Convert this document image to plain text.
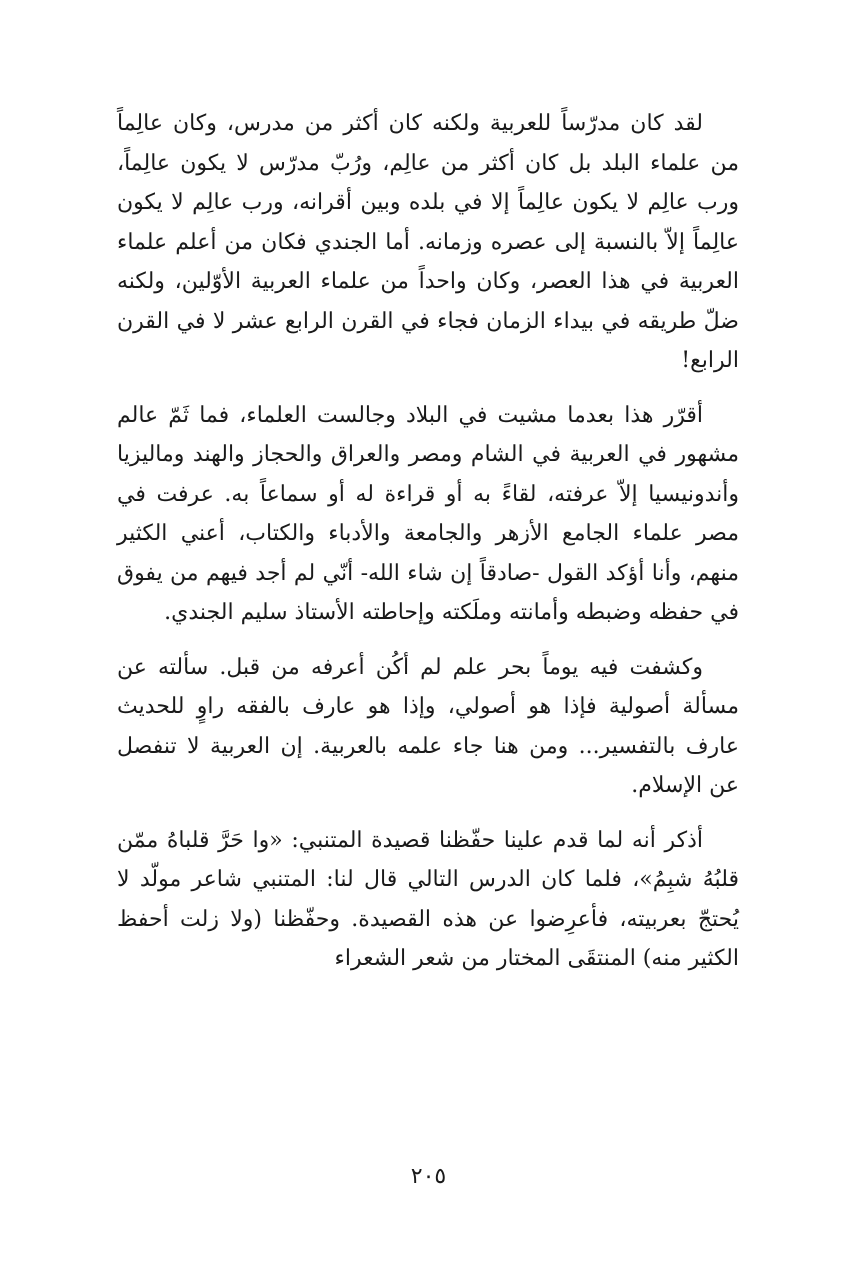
لقد كان مدرّساً للعربية ولكنه كان أكثر من مدرس، وكان عالِماً من علماء البلد بل كان أكثر من عالِم، ورُبّ مدرّس لا يكون عالِماً، ورب عالِم لا يكون عالِماً إلا في بلده وبين أقرانه، ورب عالِم لا يكون عالِماً إلاّ بالنسبة إلى عصره وزمانه. أما الجندي فكان من أعلم علماء العربية في هذا العصر، وكان واحداً من علماء العربية الأوّلين، ولكنه ضلّ طريقه في بيداء الزمان فجاء في القرن الرابع عشر لا في القرن الرابع!

أقرّر هذا بعدما مشيت في البلاد وجالست العلماء، فما ثَمّ عالم مشهور في العربية في الشام ومصر والعراق والحجاز والهند وماليزيا وأندونيسيا إلاّ عرفته، لقاءً به أو قراءة له أو سماعاً به. عرفت في مصر علماء الجامع الأزهر والجامعة والأدباء والكتاب، أعني الكثير منهم، وأنا أؤكد القول -صادقاً إن شاء الله- أنّي لم أجد فيهم من يفوق في حفظه وضبطه وأمانته وملَكته وإحاطته الأستاذ سليم الجندي.

وكشفت فيه يوماً بحر علم لم أكُن أعرفه من قبل. سألته عن مسألة أصولية فإذا هو أصولي، وإذا هو عارف بالفقه راوٍ للحديث عارف بالتفسير... ومن هنا جاء علمه بالعربية. إن العربية لا تنفصل عن الإسلام.

أذكر أنه لما قدم علينا حفّظنا قصيدة المتنبي: «وا حَرَّ قلباهُ ممّن قلبُهُ شبِمُ»، فلما كان الدرس التالي قال لنا: المتنبي شاعر مولّد لا يُحتجّ بعربيته، فأعرِضوا عن هذه القصيدة. وحفّظنا (ولا زلت أحفظ الكثير منه) المنتقَى المختار من شعر الشعراء

٢٠٥
